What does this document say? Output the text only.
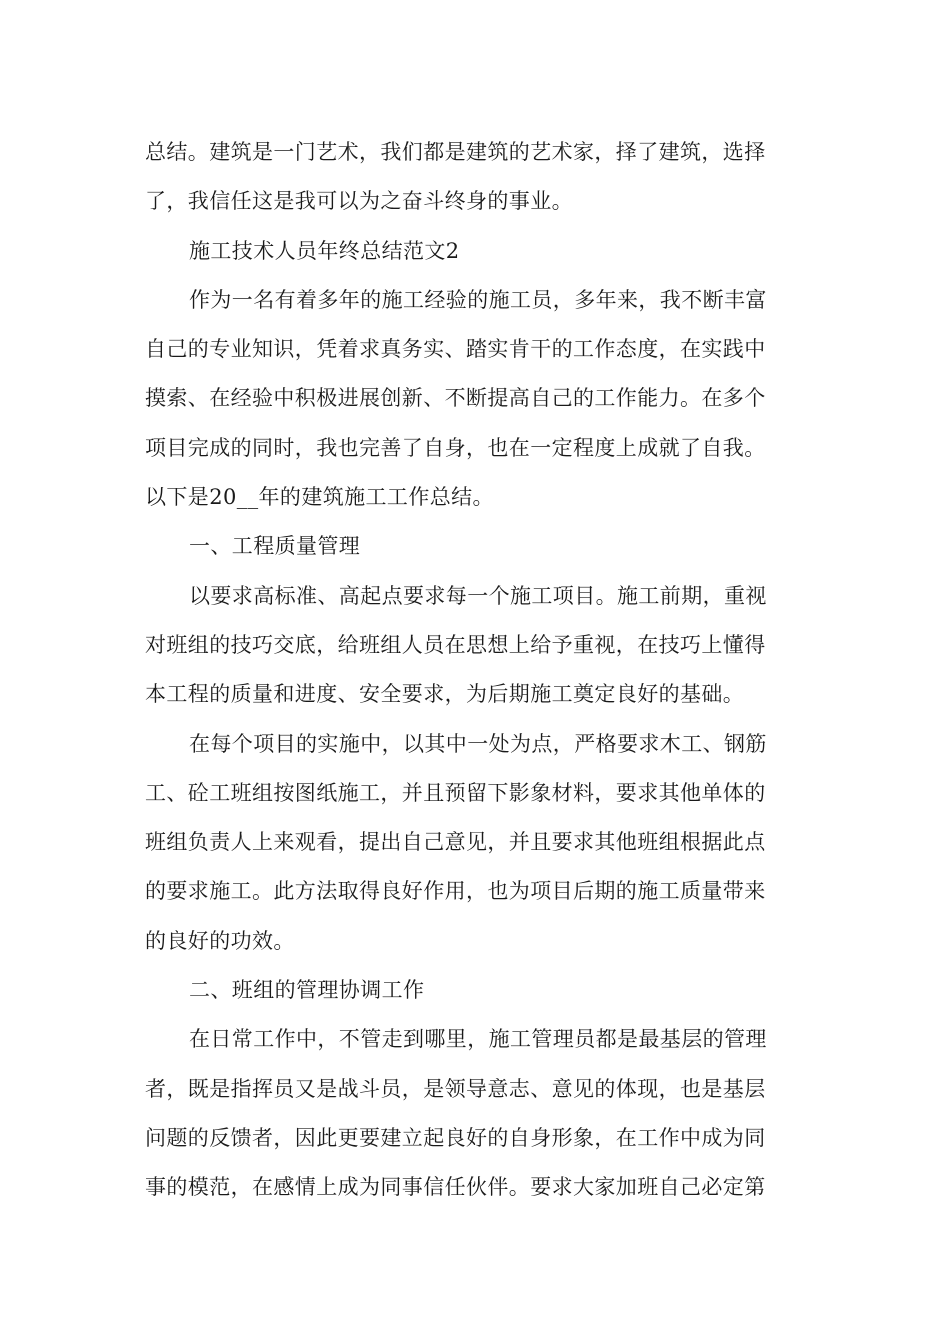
总结。建筑是一门艺术，我们都是建筑的艺术家，择了建筑，选择
了，我信任这是我可以为之奋斗终身的事业。
施工技术人员年终总结范文2
作为一名有着多年的施工经验的施工员，多年来，我不断丰富
自己的专业知识，凭着求真务实、踏实肯干的工作态度，在实践中
摸索、在经验中积极进展创新、不断提高自己的工作能力。在多个
项目完成的同时，我也完善了自身，也在一定程度上成就了自我。
以下是20__年的建筑施工工作总结。
一、工程质量管理
以要求高标准、高起点要求每一个施工项目。施工前期，重视
对班组的技巧交底，给班组人员在思想上给予重视，在技巧上懂得
本工程的质量和进度、安全要求，为后期施工奠定良好的基础。
在每个项目的实施中，以其中一处为点，严格要求木工、钢筋
工、砼工班组按图纸施工，并且预留下影象材料，要求其他单体的
班组负责人上来观看，提出自己意见，并且要求其他班组根据此点
的要求施工。此方法取得良好作用，也为项目后期的施工质量带来
的良好的功效。
二、班组的管理协调工作
在日常工作中，不管走到哪里，施工管理员都是最基层的管理
者，既是指挥员又是战斗员，是领导意志、意见的体现，也是基层
问题的反馈者，因此更要建立起良好的自身形象，在工作中成为同
事的模范，在感情上成为同事信任伙伴。要求大家加班自己必定第
